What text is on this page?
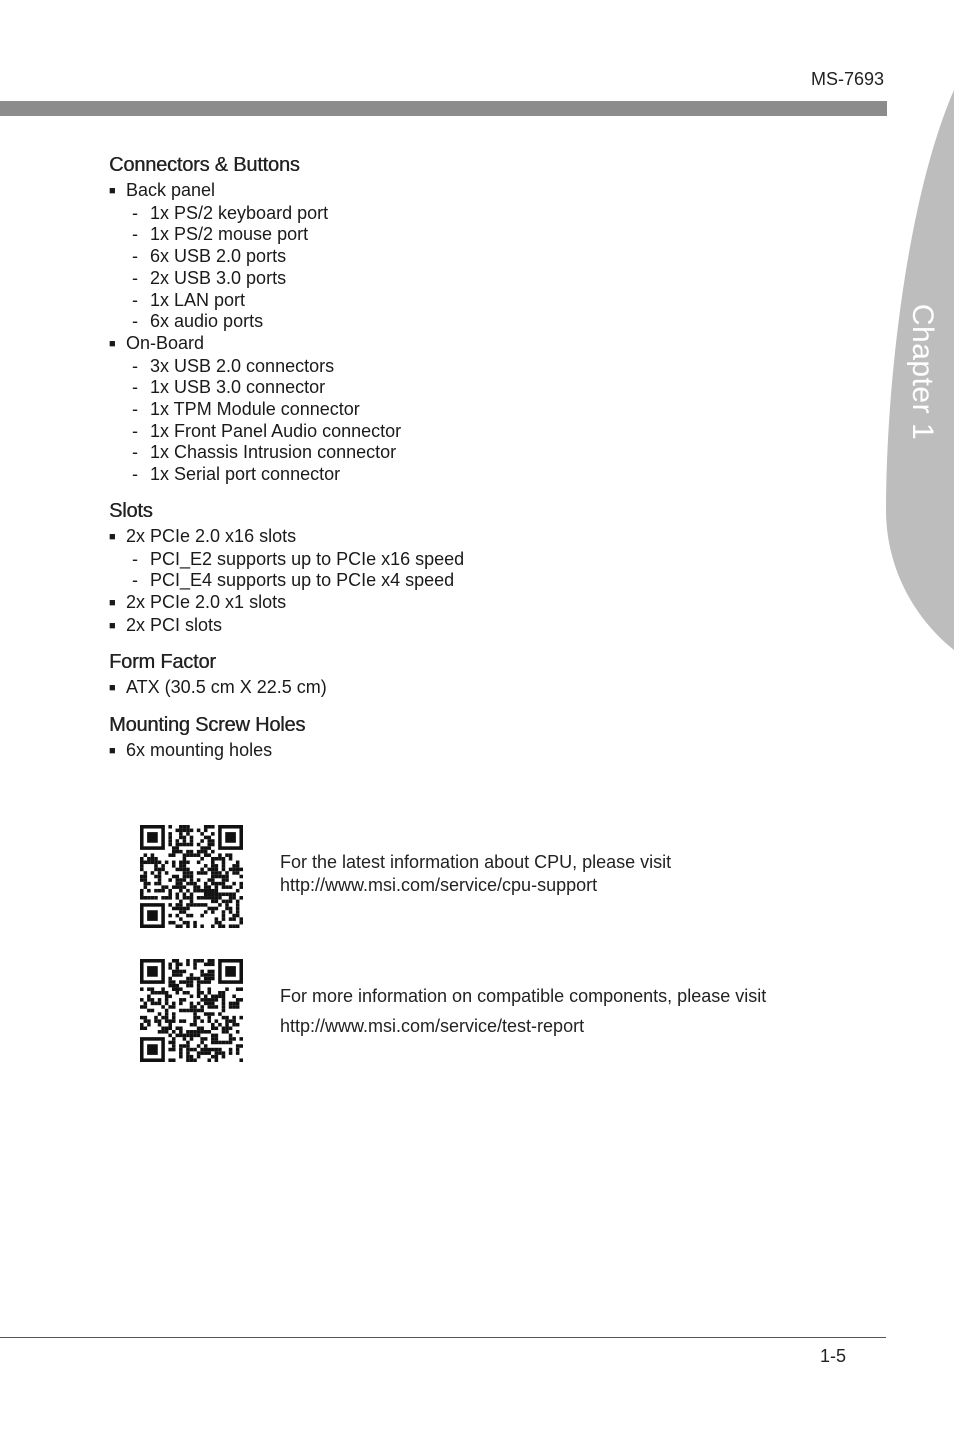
MS-7693
Chapter 1
Connectors & Buttons
■ Back panel
- 1x PS/2 keyboard port
- 1x PS/2 mouse port
- 6x USB 2.0 ports
- 2x USB 3.0 ports
- 1x LAN port
- 6x audio ports
■ On-Board
- 3x USB 2.0 connectors
- 1x USB 3.0 connector
- 1x TPM Module connector
- 1x Front Panel Audio connector
- 1x Chassis Intrusion connector
- 1x Serial port connector
Slots
■ 2x PCIe 2.0 x16 slots
- PCI_E2 supports up to PCIe x16 speed
- PCI_E4 supports up to PCIe x4 speed
■ 2x PCIe 2.0 x1 slots
■ 2x PCI slots
Form Factor
■ ATX (30.5 cm X 22.5 cm)
Mounting Screw Holes
■ 6x mounting holes
For the latest information about CPU, please visit
http://www.msi.com/service/cpu-support
For more information on compatible components, please visit
http://www.msi.com/service/test-report
1-5
